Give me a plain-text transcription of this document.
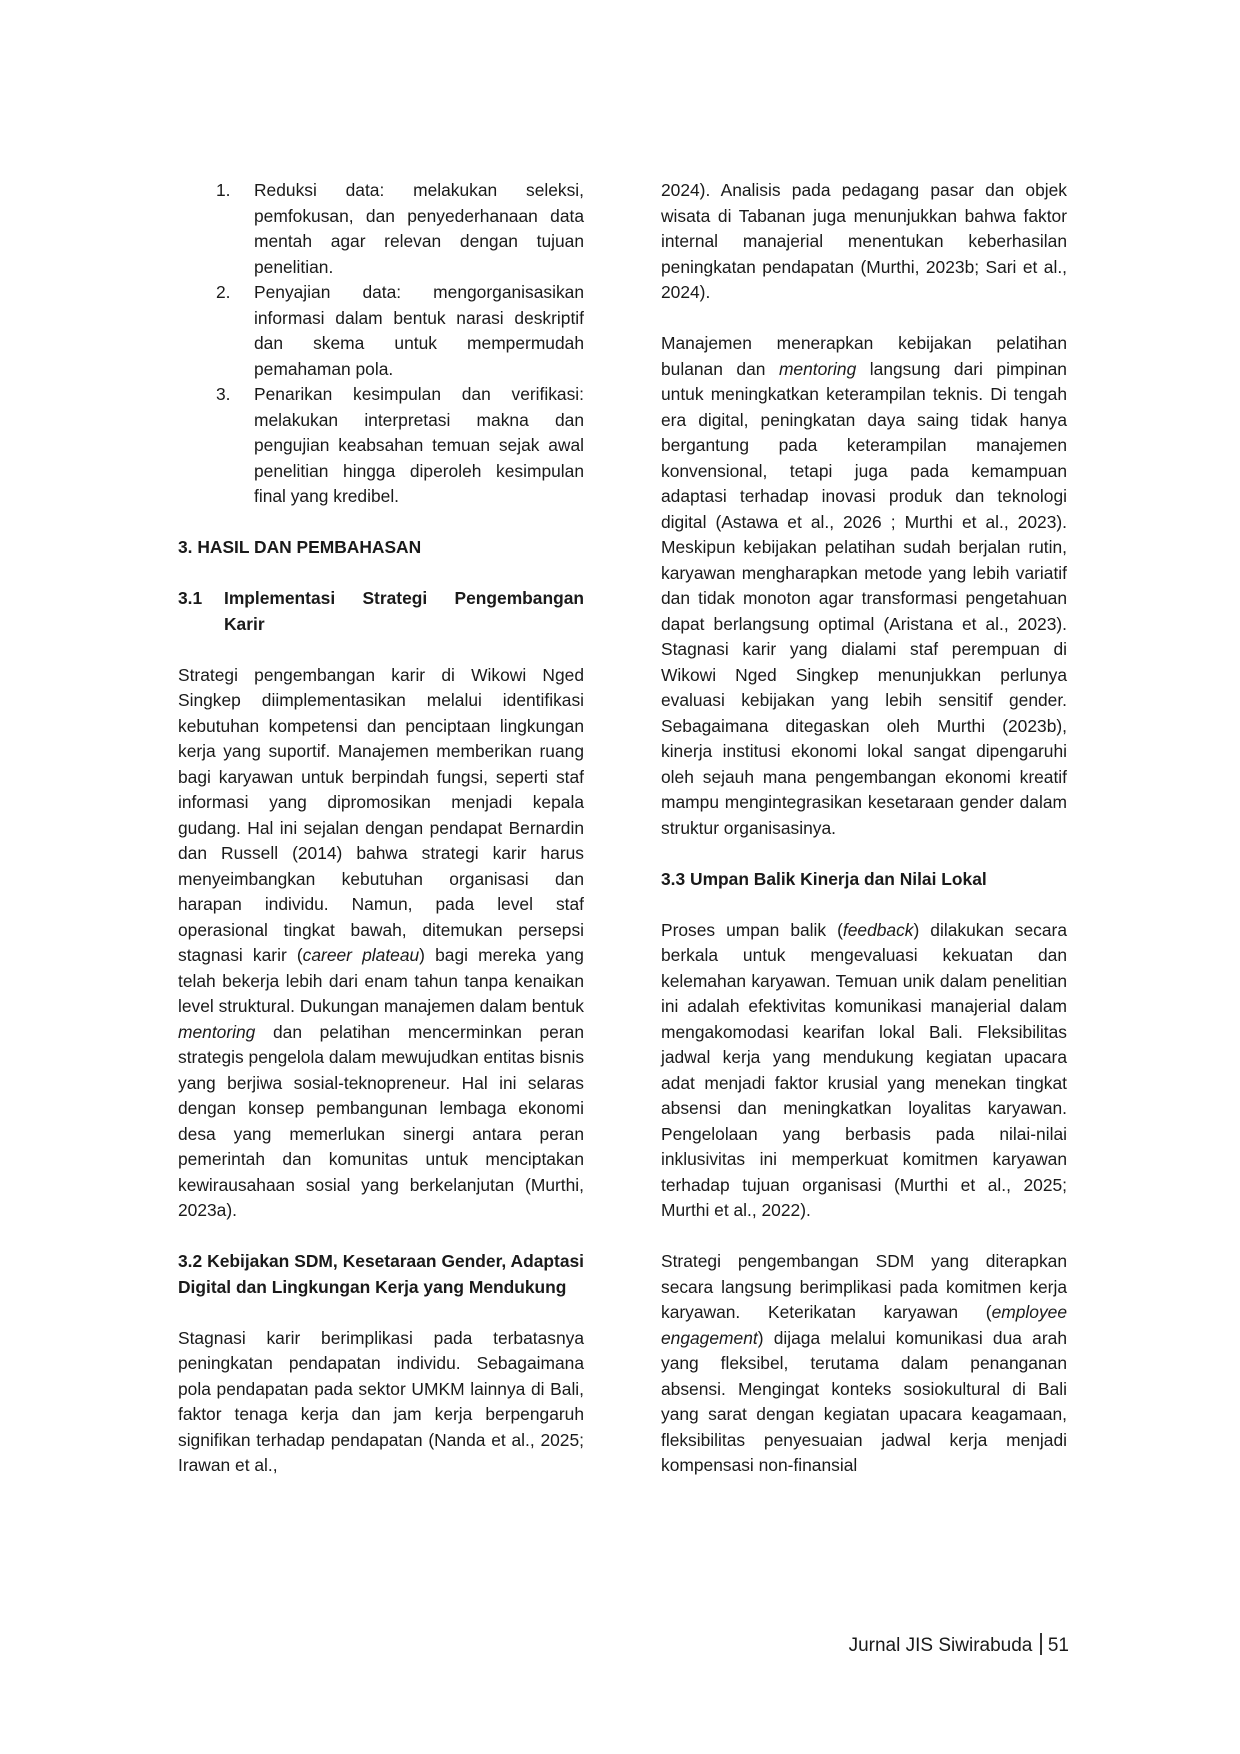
1. Reduksi data: melakukan seleksi, pemfokusan, dan penyederhanaan data mentah agar relevan dengan tujuan penelitian.
2. Penyajian data: mengorganisasikan informasi dalam bentuk narasi deskriptif dan skema untuk mempermudah pemahaman pola.
3. Penarikan kesimpulan dan verifikasi: melakukan interpretasi makna dan pengujian keabsahan temuan sejak awal penelitian hingga diperoleh kesimpulan final yang kredibel.
3. HASIL DAN PEMBAHASAN
3.1 Implementasi Strategi Pengembangan Karir

Strategi pengembangan karir di Wikowi Nged Singkep diimplementasikan melalui identifikasi kebutuhan kompetensi dan penciptaan lingkungan kerja yang suportif. Manajemen memberikan ruang bagi karyawan untuk berpindah fungsi, seperti staf informasi yang dipromosikan menjadi kepala gudang. Hal ini sejalan dengan pendapat Bernardin dan Russell (2014) bahwa strategi karir harus menyeimbangkan kebutuhan organisasi dan harapan individu. Namun, pada level staf operasional tingkat bawah, ditemukan persepsi stagnasi karir (career plateau) bagi mereka yang telah bekerja lebih dari enam tahun tanpa kenaikan level struktural. Dukungan manajemen dalam bentuk mentoring dan pelatihan mencerminkan peran strategis pengelola dalam mewujudkan entitas bisnis yang berjiwa sosial-teknopreneur. Hal ini selaras dengan konsep pembangunan lembaga ekonomi desa yang memerlukan sinergi antara peran pemerintah dan komunitas untuk menciptakan kewirausahaan sosial yang berkelanjutan (Murthi, 2023a).

3.2 Kebijakan SDM, Kesetaraan Gender, Adaptasi Digital dan Lingkungan Kerja yang Mendukung

Stagnasi karir berimplikasi pada terbatasnya peningkatan pendapatan individu. Sebagaimana pola pendapatan pada sektor UMKM lainnya di Bali, faktor tenaga kerja dan jam kerja berpengaruh signifikan terhadap pendapatan (Nanda et al., 2025; Irawan et al.,

2024). Analisis pada pedagang pasar dan objek wisata di Tabanan juga menunjukkan bahwa faktor internal manajerial menentukan keberhasilan peningkatan pendapatan (Murthi, 2023b; Sari et al., 2024).

Manajemen menerapkan kebijakan pelatihan bulanan dan mentoring langsung dari pimpinan untuk meningkatkan keterampilan teknis. Di tengah era digital, peningkatan daya saing tidak hanya bergantung pada keterampilan manajemen konvensional, tetapi juga pada kemampuan adaptasi terhadap inovasi produk dan teknologi digital (Astawa et al., 2026 ; Murthi et al., 2023). Meskipun kebijakan pelatihan sudah berjalan rutin, karyawan mengharapkan metode yang lebih variatif dan tidak monoton agar transformasi pengetahuan dapat berlangsung optimal (Aristana et al., 2023). Stagnasi karir yang dialami staf perempuan di Wikowi Nged Singkep menunjukkan perlunya evaluasi kebijakan yang lebih sensitif gender. Sebagaimana ditegaskan oleh Murthi (2023b), kinerja institusi ekonomi lokal sangat dipengaruhi oleh sejauh mana pengembangan ekonomi kreatif mampu mengintegrasikan kesetaraan gender dalam struktur organisasinya.

3.3 Umpan Balik Kinerja dan Nilai Lokal

Proses umpan balik (feedback) dilakukan secara berkala untuk mengevaluasi kekuatan dan kelemahan karyawan. Temuan unik dalam penelitian ini adalah efektivitas komunikasi manajerial dalam mengakomodasi kearifan lokal Bali. Fleksibilitas jadwal kerja yang mendukung kegiatan upacara adat menjadi faktor krusial yang menekan tingkat absensi dan meningkatkan loyalitas karyawan. Pengelolaan yang berbasis pada nilai-nilai inklusivitas ini memperkuat komitmen karyawan terhadap tujuan organisasi (Murthi et al., 2025; Murthi et al., 2022).

Strategi pengembangan SDM yang diterapkan secara langsung berimplikasi pada komitmen kerja karyawan. Keterikatan karyawan (employee engagement) dijaga melalui komunikasi dua arah yang fleksibel, terutama dalam penanganan absensi. Mengingat konteks sosiokultural di Bali yang sarat dengan kegiatan upacara keagamaan, fleksibilitas penyesuaian jadwal kerja menjadi kompensasi non-finansial

Jurnal JIS Siwirabuda 51
